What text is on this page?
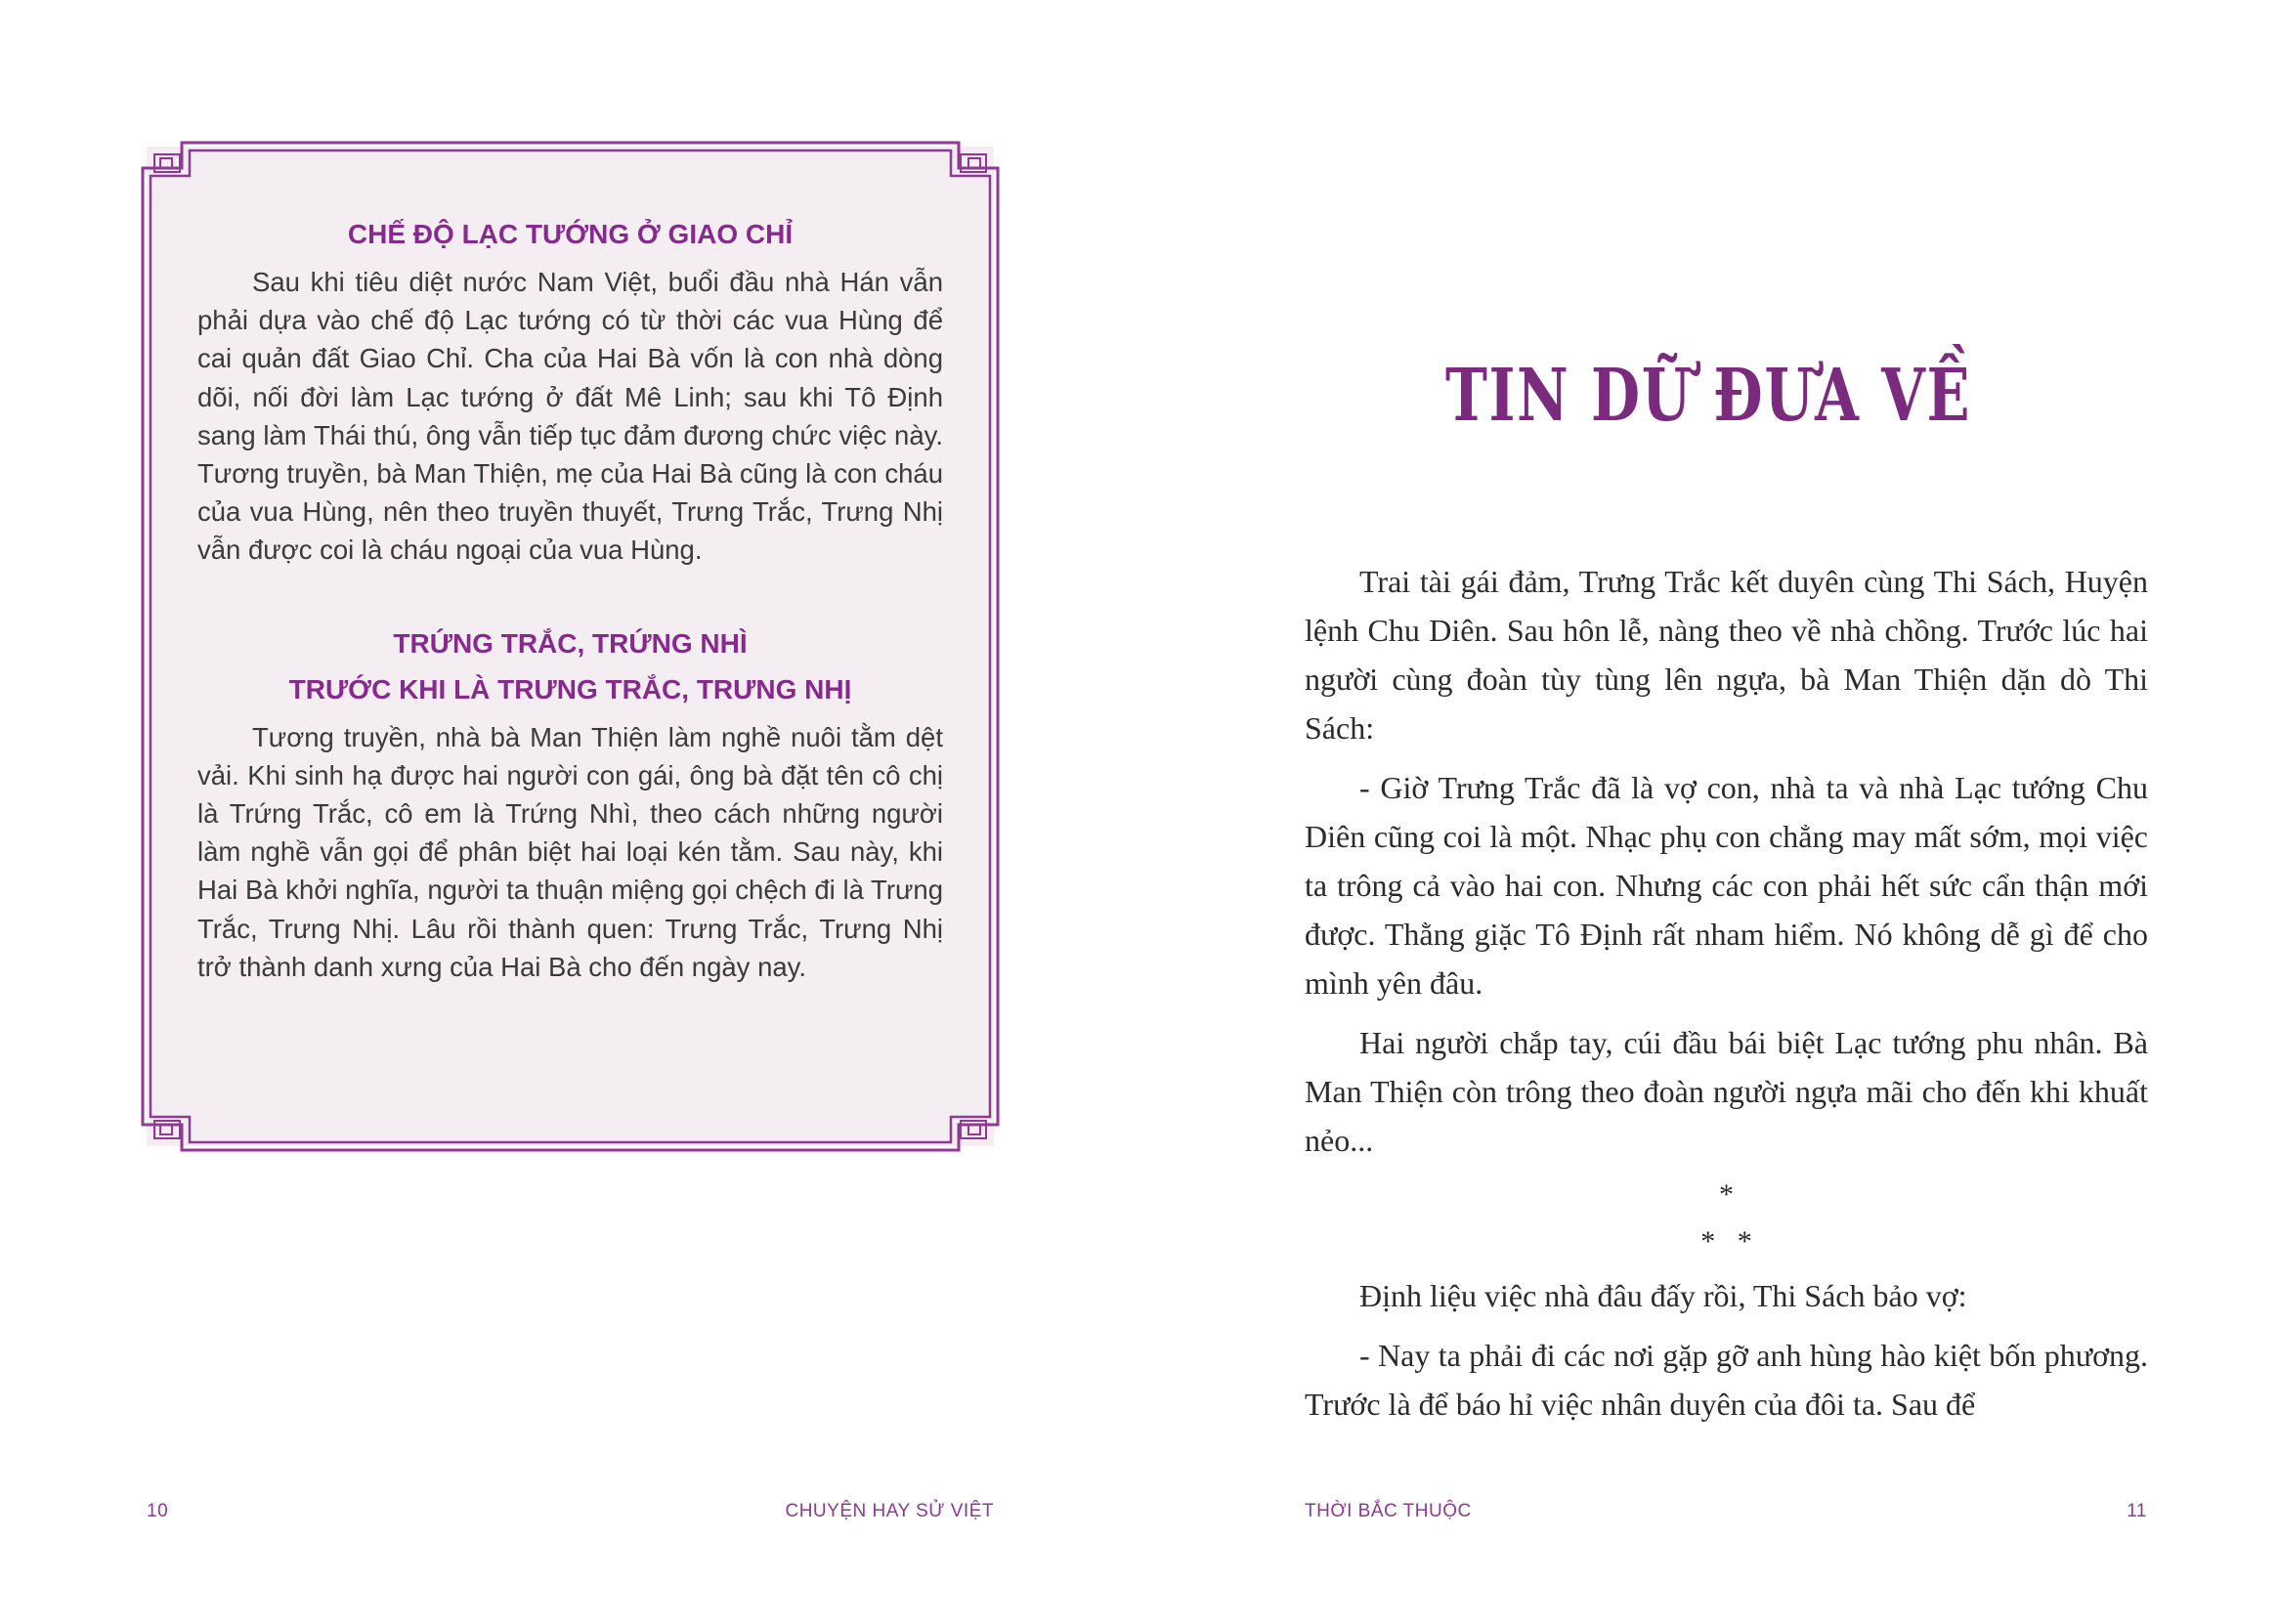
CHẾ ĐỘ LẠC TƯỚNG Ở GIAO CHỈ

Sau khi tiêu diệt nước Nam Việt, buổi đầu nhà Hán vẫn phải dựa vào chế độ Lạc tướng có từ thời các vua Hùng để cai quản đất Giao Chỉ. Cha của Hai Bà vốn là con nhà dòng dõi, nối đời làm Lạc tướng ở đất Mê Linh; sau khi Tô Định sang làm Thái thú, ông vẫn tiếp tục đảm đương chức việc này. Tương truyền, bà Man Thiện, mẹ của Hai Bà cũng là con cháu của vua Hùng, nên theo truyền thuyết, Trưng Trắc, Trưng Nhị vẫn được coi là cháu ngoại của vua Hùng.

TRỨNG TRẮC, TRỨNG NHÌ

TRƯỚC KHI LÀ TRƯNG TRẮC, TRƯNG NHỊ

Tương truyền, nhà bà Man Thiện làm nghề nuôi tằm dệt vải. Khi sinh hạ được hai người con gái, ông bà đặt tên cô chị là Trứng Trắc, cô em là Trứng Nhì, theo cách những người làm nghề vẫn gọi để phân biệt hai loại kén tằm. Sau này, khi Hai Bà khởi nghĩa, người ta thuận miệng gọi chệch đi là Trưng Trắc, Trưng Nhị. Lâu rồi thành quen: Trưng Trắc, Trưng Nhị trở thành danh xưng của Hai Bà cho đến ngày nay.

10	CHUYỆN HAY SỬ VIỆT
TIN DỮ ĐƯA VỀ

Trai tài gái đảm, Trưng Trắc kết duyên cùng Thi Sách, Huyện lệnh Chu Diên. Sau hôn lễ, nàng theo về nhà chồng. Trước lúc hai người cùng đoàn tùy tùng lên ngựa, bà Man Thiện dặn dò Thi Sách:

- Giờ Trưng Trắc đã là vợ con, nhà ta và nhà Lạc tướng Chu Diên cũng coi là một. Nhạc phụ con chẳng may mất sớm, mọi việc ta trông cả vào hai con. Nhưng các con phải hết sức cẩn thận mới được. Thằng giặc Tô Định rất nham hiểm. Nó không dễ gì để cho mình yên đâu.

Hai người chắp tay, cúi đầu bái biệt Lạc tướng phu nhân. Bà Man Thiện còn trông theo đoàn người ngựa mãi cho đến khi khuất nẻo...

*
*   *

Định liệu việc nhà đâu đấy rồi, Thi Sách bảo vợ:

- Nay ta phải đi các nơi gặp gỡ anh hùng hào kiệt bốn phương. Trước là để báo hỉ việc nhân duyên của đôi ta. Sau để

THỜI BẮC THUỘC	11
